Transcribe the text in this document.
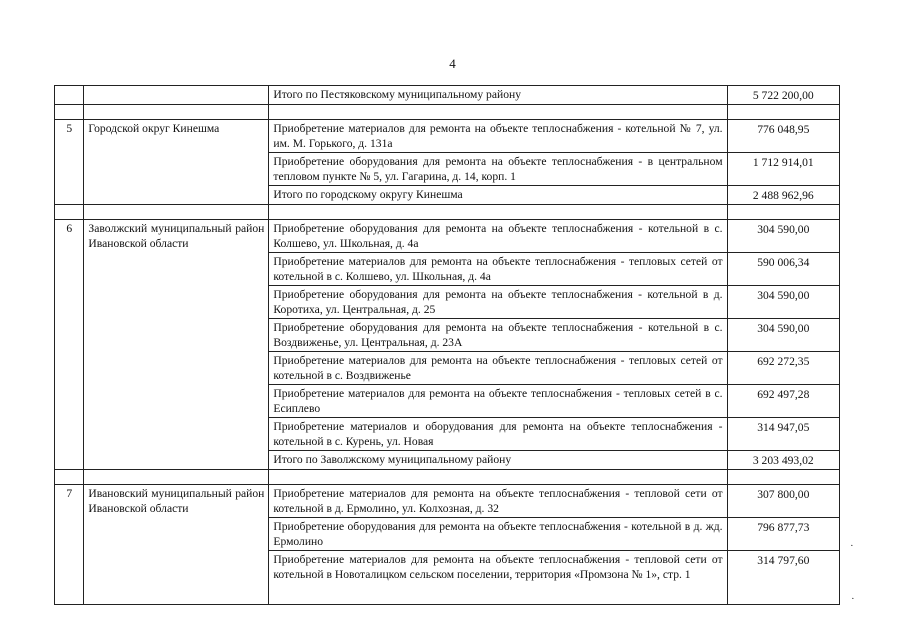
4
		Итого по Пестяковскому муниципальному району	5 722 200,00

5	Городской округ Кинешма	Приобретение материалов для ремонта на объекте теплоснабжения - котельной № 7, ул. им. М. Горького, д. 131а	776 048,95
		Приобретение оборудования для ремонта на объекте теплоснабжения - в центральном тепловом пункте № 5, ул. Гагарина, д. 14, корп. 1	1 712 914,01
		Итого по городскому округу Кинешма	2 488 962,96

6	Заволжский муниципальный район Ивановской области	Приобретение оборудования для ремонта на объекте теплоснабжения - котельной в с. Колшево, ул. Школьная, д. 4а	304 590,00
		Приобретение материалов для ремонта на объекте теплоснабжения - тепловых сетей от котельной в с. Колшево, ул. Школьная, д. 4а	590 006,34
		Приобретение оборудования для ремонта на объекте теплоснабжения - котельной в д. Коротиха, ул. Центральная, д. 25	304 590,00
		Приобретение оборудования для ремонта на объекте теплоснабжения - котельной в с. Воздвиженье, ул. Центральная, д. 23А	304 590,00
		Приобретение материалов для ремонта на объекте теплоснабжения - тепловых сетей от котельной в с. Воздвиженье	692 272,35
		Приобретение материалов для ремонта на объекте теплоснабжения - тепловых сетей в с. Есиплево	692 497,28
		Приобретение материалов и оборудования для ремонта на объекте теплоснабжения - котельной в с. Курень, ул. Новая	314 947,05
		Итого по Заволжскому муниципальному району	3 203 493,02

7	Ивановский муниципальный район Ивановской области	Приобретение материалов для ремонта на объекте теплоснабжения - тепловой сети от котельной в д. Ермолино, ул. Колхозная, д. 32	307 800,00
		Приобретение оборудования для ремонта на объекте теплоснабжения - котельной в д. жд. Ермолино	796 877,73
		Приобретение материалов для ремонта на объекте теплоснабжения - тепловой сети от котельной в Новоталицком сельском поселении, территория «Промзона № 1», стр. 1	314 797,60
·
·
